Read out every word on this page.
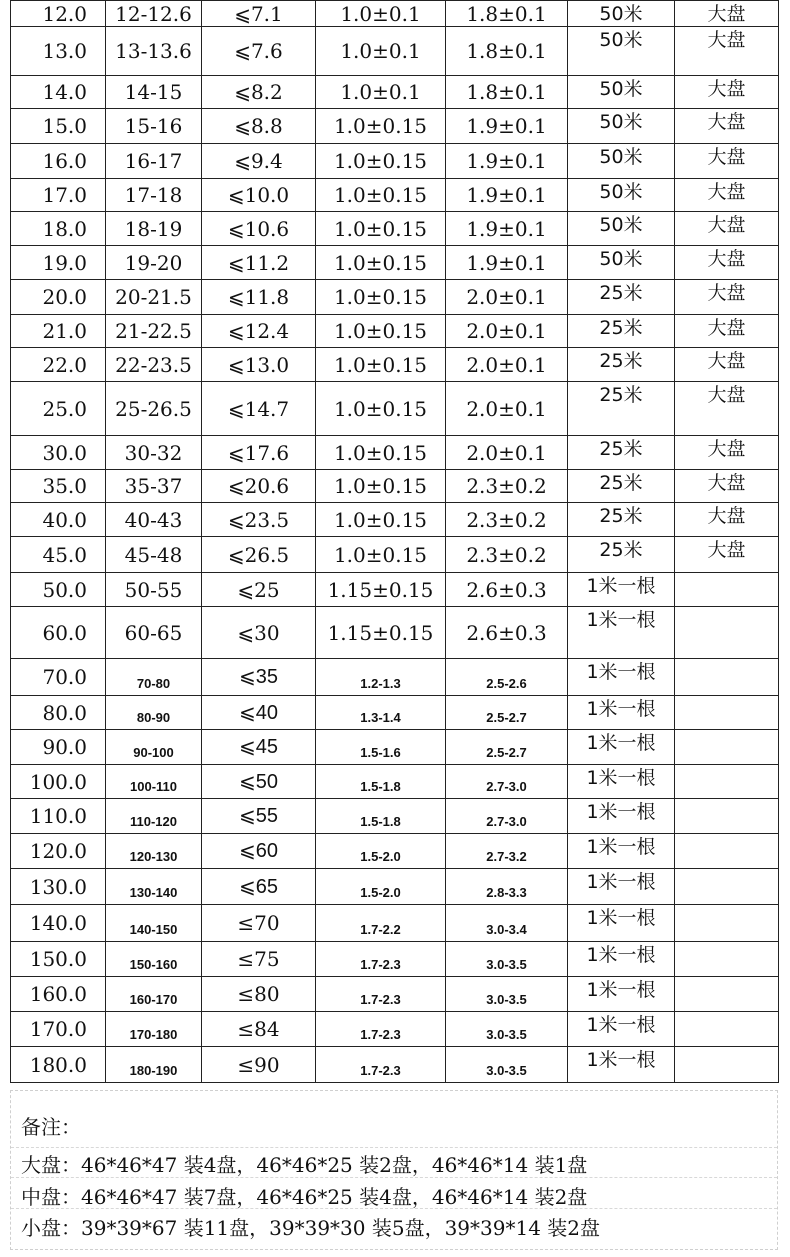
12.0	12-12.6	⩽7.1	1.0±0.1	1.8±0.1	50米	大盘
13.0	13-13.6	⩽7.6	1.0±0.1	1.8±0.1	50米	大盘
14.0	14-15	⩽8.2	1.0±0.1	1.8±0.1	50米	大盘
15.0	15-16	⩽8.8	1.0±0.15	1.9±0.1	50米	大盘
16.0	16-17	⩽9.4	1.0±0.15	1.9±0.1	50米	大盘
17.0	17-18	⩽10.0	1.0±0.15	1.9±0.1	50米	大盘
18.0	18-19	⩽10.6	1.0±0.15	1.9±0.1	50米	大盘
19.0	19-20	⩽11.2	1.0±0.15	1.9±0.1	50米	大盘
20.0	20-21.5	⩽11.8	1.0±0.15	2.0±0.1	25米	大盘
21.0	21-22.5	⩽12.4	1.0±0.15	2.0±0.1	25米	大盘
22.0	22-23.5	⩽13.0	1.0±0.15	2.0±0.1	25米	大盘
25.0	25-26.5	⩽14.7	1.0±0.15	2.0±0.1	25米	大盘
30.0	30-32	⩽17.6	1.0±0.15	2.0±0.1	25米	大盘
35.0	35-37	⩽20.6	1.0±0.15	2.3±0.2	25米	大盘
40.0	40-43	⩽23.5	1.0±0.15	2.3±0.2	25米	大盘
45.0	45-48	⩽26.5	1.0±0.15	2.3±0.2	25米	大盘
50.0	50-55	⩽25	1.15±0.15	2.6±0.3	1米一根	
60.0	60-65	⩽30	1.15±0.15	2.6±0.3	1米一根	
70.0	70-80	⩽35	1.2-1.3	2.5-2.6	1米一根	
80.0	80-90	⩽40	1.3-1.4	2.5-2.7	1米一根	
90.0	90-100	⩽45	1.5-1.6	2.5-2.7	1米一根	
100.0	100-110	⩽50	1.5-1.8	2.7-3.0	1米一根	
110.0	110-120	⩽55	1.5-1.8	2.7-3.0	1米一根	
120.0	120-130	⩽60	1.5-2.0	2.7-3.2	1米一根	
130.0	130-140	⩽65	1.5-2.0	2.8-3.3	1米一根	
140.0	140-150	≤70	1.7-2.2	3.0-3.4	1米一根	
150.0	150-160	≤75	1.7-2.3	3.0-3.5	1米一根	
160.0	160-170	≤80	1.7-2.3	3.0-3.5	1米一根	
170.0	170-180	≤84	1.7-2.3	3.0-3.5	1米一根	
180.0	180-190	≤90	1.7-2.3	3.0-3.5	1米一根	
备注：
大盘：46*46*47 装4盘，46*46*25 装2盘，46*46*14 装1盘
中盘：46*46*47 装7盘，46*46*25 装4盘，46*46*14 装2盘
小盘：39*39*67 装11盘，39*39*30 装5盘，39*39*14 装2盘
